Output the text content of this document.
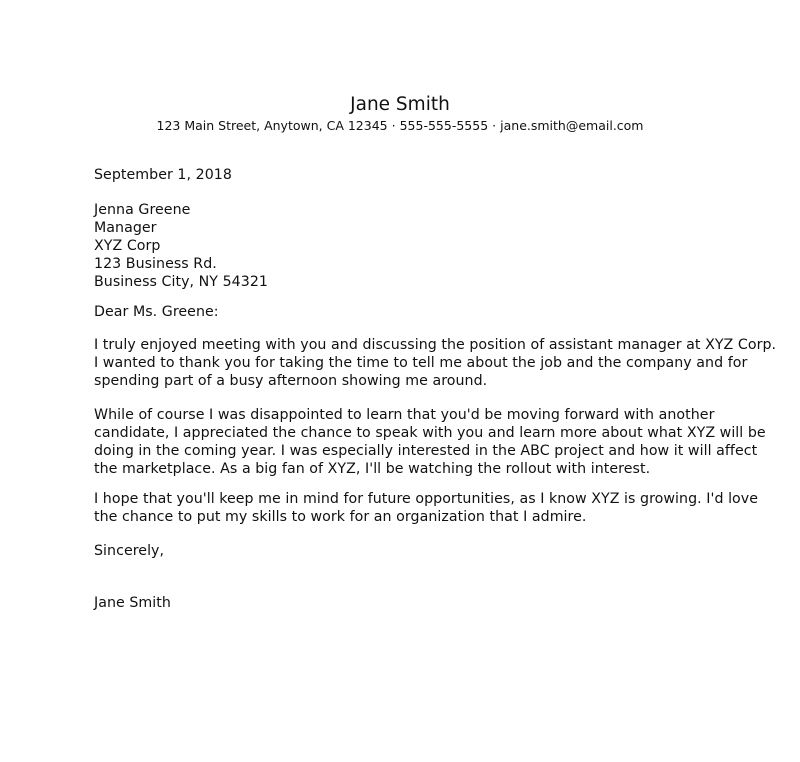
Jane Smith

123 Main Street, Anytown, CA 12345 · 555-555-5555 · jane.smith@email.com

September 1, 2018

Jenna Greene
Manager
XYZ Corp
123 Business Rd.
Business City, NY 54321

Dear Ms. Greene:

I truly enjoyed meeting with you and discussing the position of assistant manager at XYZ Corp.
I wanted to thank you for taking the time to tell me about the job and the company and for
spending part of a busy afternoon showing me around.

While of course I was disappointed to learn that you'd be moving forward with another
candidate, I appreciated the chance to speak with you and learn more about what XYZ will be
doing in the coming year. I was especially interested in the ABC project and how it will affect
the marketplace. As a big fan of XYZ, I'll be watching the rollout with interest.

I hope that you'll keep me in mind for future opportunities, as I know XYZ is growing. I'd love
the chance to put my skills to work for an organization that I admire.

Sincerely,

Jane Smith
